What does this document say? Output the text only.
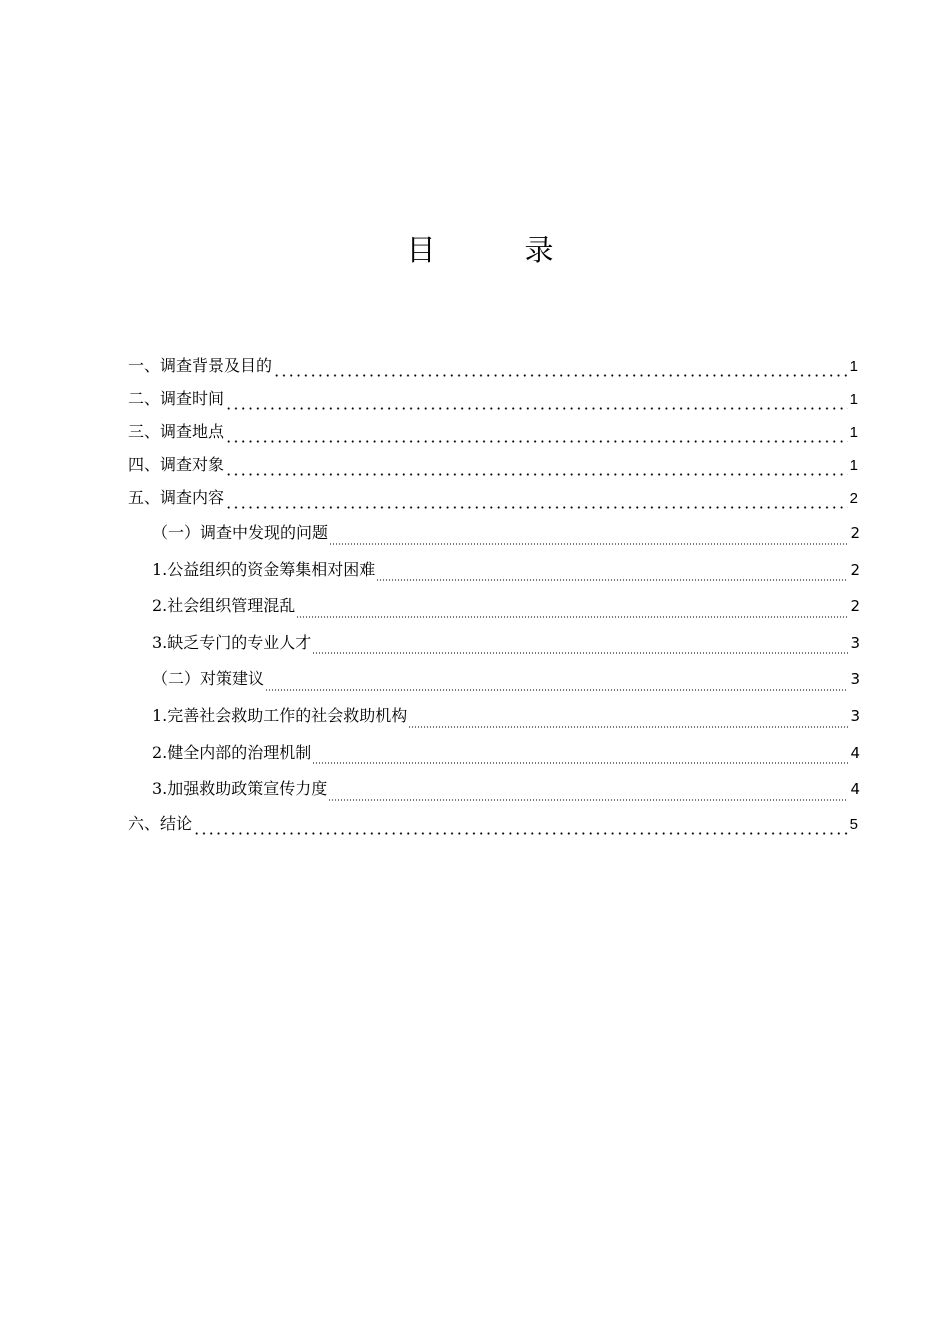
目　录
一、调查背景及目的	1
二、调查时间	1
三、调查地点	1
四、调查对象	1
五、调查内容	2
（一）调查中发现的问题	2
1.公益组织的资金筹集相对困难	2
2.社会组织管理混乱	2
3.缺乏专门的专业人才	3
（二）对策建议	3
1.完善社会救助工作的社会救助机构	3
2.健全内部的治理机制	4
3.加强救助政策宣传力度	4
六、结论	5
